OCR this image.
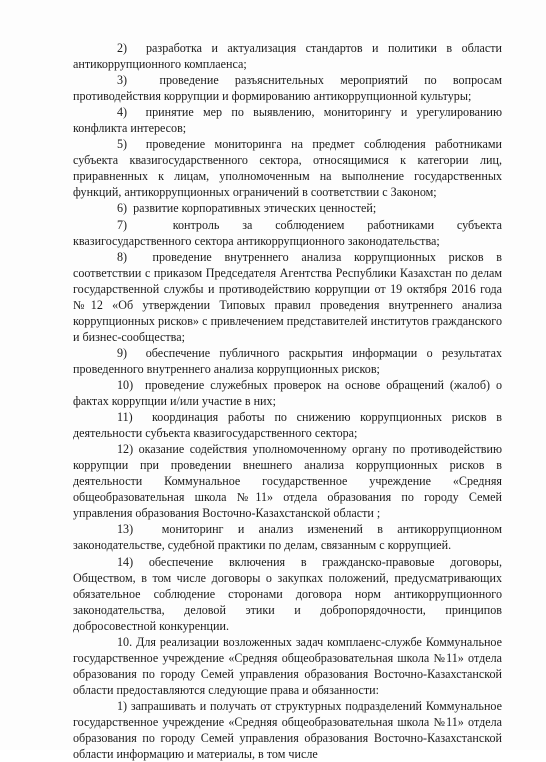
2)  разработка и актуализация стандартов и политики в области антикоррупционного комплаенса;

3)  проведение разъяснительных мероприятий по вопросам противодействия коррупции и формированию антикоррупционной культуры;

4)  принятие мер по выявлению, мониторингу и урегулированию конфликта интересов;

5)  проведение мониторинга на предмет соблюдения работниками субъекта квазигосударственного сектора, относящимися к категории лиц, приравненных к лицам, уполномоченным на выполнение государственных функций, антикоррупционных ограничений в соответствии с Законом;

6)  развитие корпоративных этических ценностей;

7)  контроль за соблюдением работниками субъекта квазигосударственного сектора антикоррупционного законодательства;

8)  проведение внутреннего анализа коррупционных рисков в соответствии с приказом Председателя Агентства Республики Казахстан по делам государственной службы и противодействию коррупции от 19 октября 2016 года №12 «Об утверждении Типовых правил проведения внутреннего анализа коррупционных рисков» с привлечением представителей институтов гражданского и бизнес-сообщества;

9)  обеспечение публичного раскрытия информации о результатах проведенного внутреннего анализа коррупционных рисков;

10)  проведение служебных проверок на основе обращений (жалоб) о фактах коррупции и/или участие в них;

11)  координация работы по снижению коррупционных рисков в деятельности субъекта квазигосударственного сектора;

12) оказание содействия уполномоченному органу по противодействию коррупции при проведении внешнего анализа коррупционных рисков в деятельности Коммунальное государственное учреждение «Средняя общеобразовательная школа №11» отдела образования по городу Семей управления образования Восточно-Казахстанской области ;

13)  мониторинг и анализ изменений в антикоррупционном законодательстве, судебной практики по делам, связанным с коррупцией.

14) обеспечение включения в гражданско-правовые договоры, Обществом, в том числе договоры о закупках положений, предусматривающих обязательное соблюдение сторонами договора норм антикоррупционного законодательства, деловой этики и добропорядочности, принципов добросовестной конкуренции.

10. Для реализации возложенных задач комплаенс-службе Коммунальное государственное учреждение «Средняя общеобразовательная школа №11» отдела образования по городу Семей управления образования Восточно-Казахстанской области предоставляются следующие права и обязанности:

1) запрашивать и получать от структурных подразделений Коммунальное государственное учреждение «Средняя общеобразовательная школа №11» отдела образования по городу Семей управления образования Восточно-Казахстанской области информацию и материалы, в том числе
